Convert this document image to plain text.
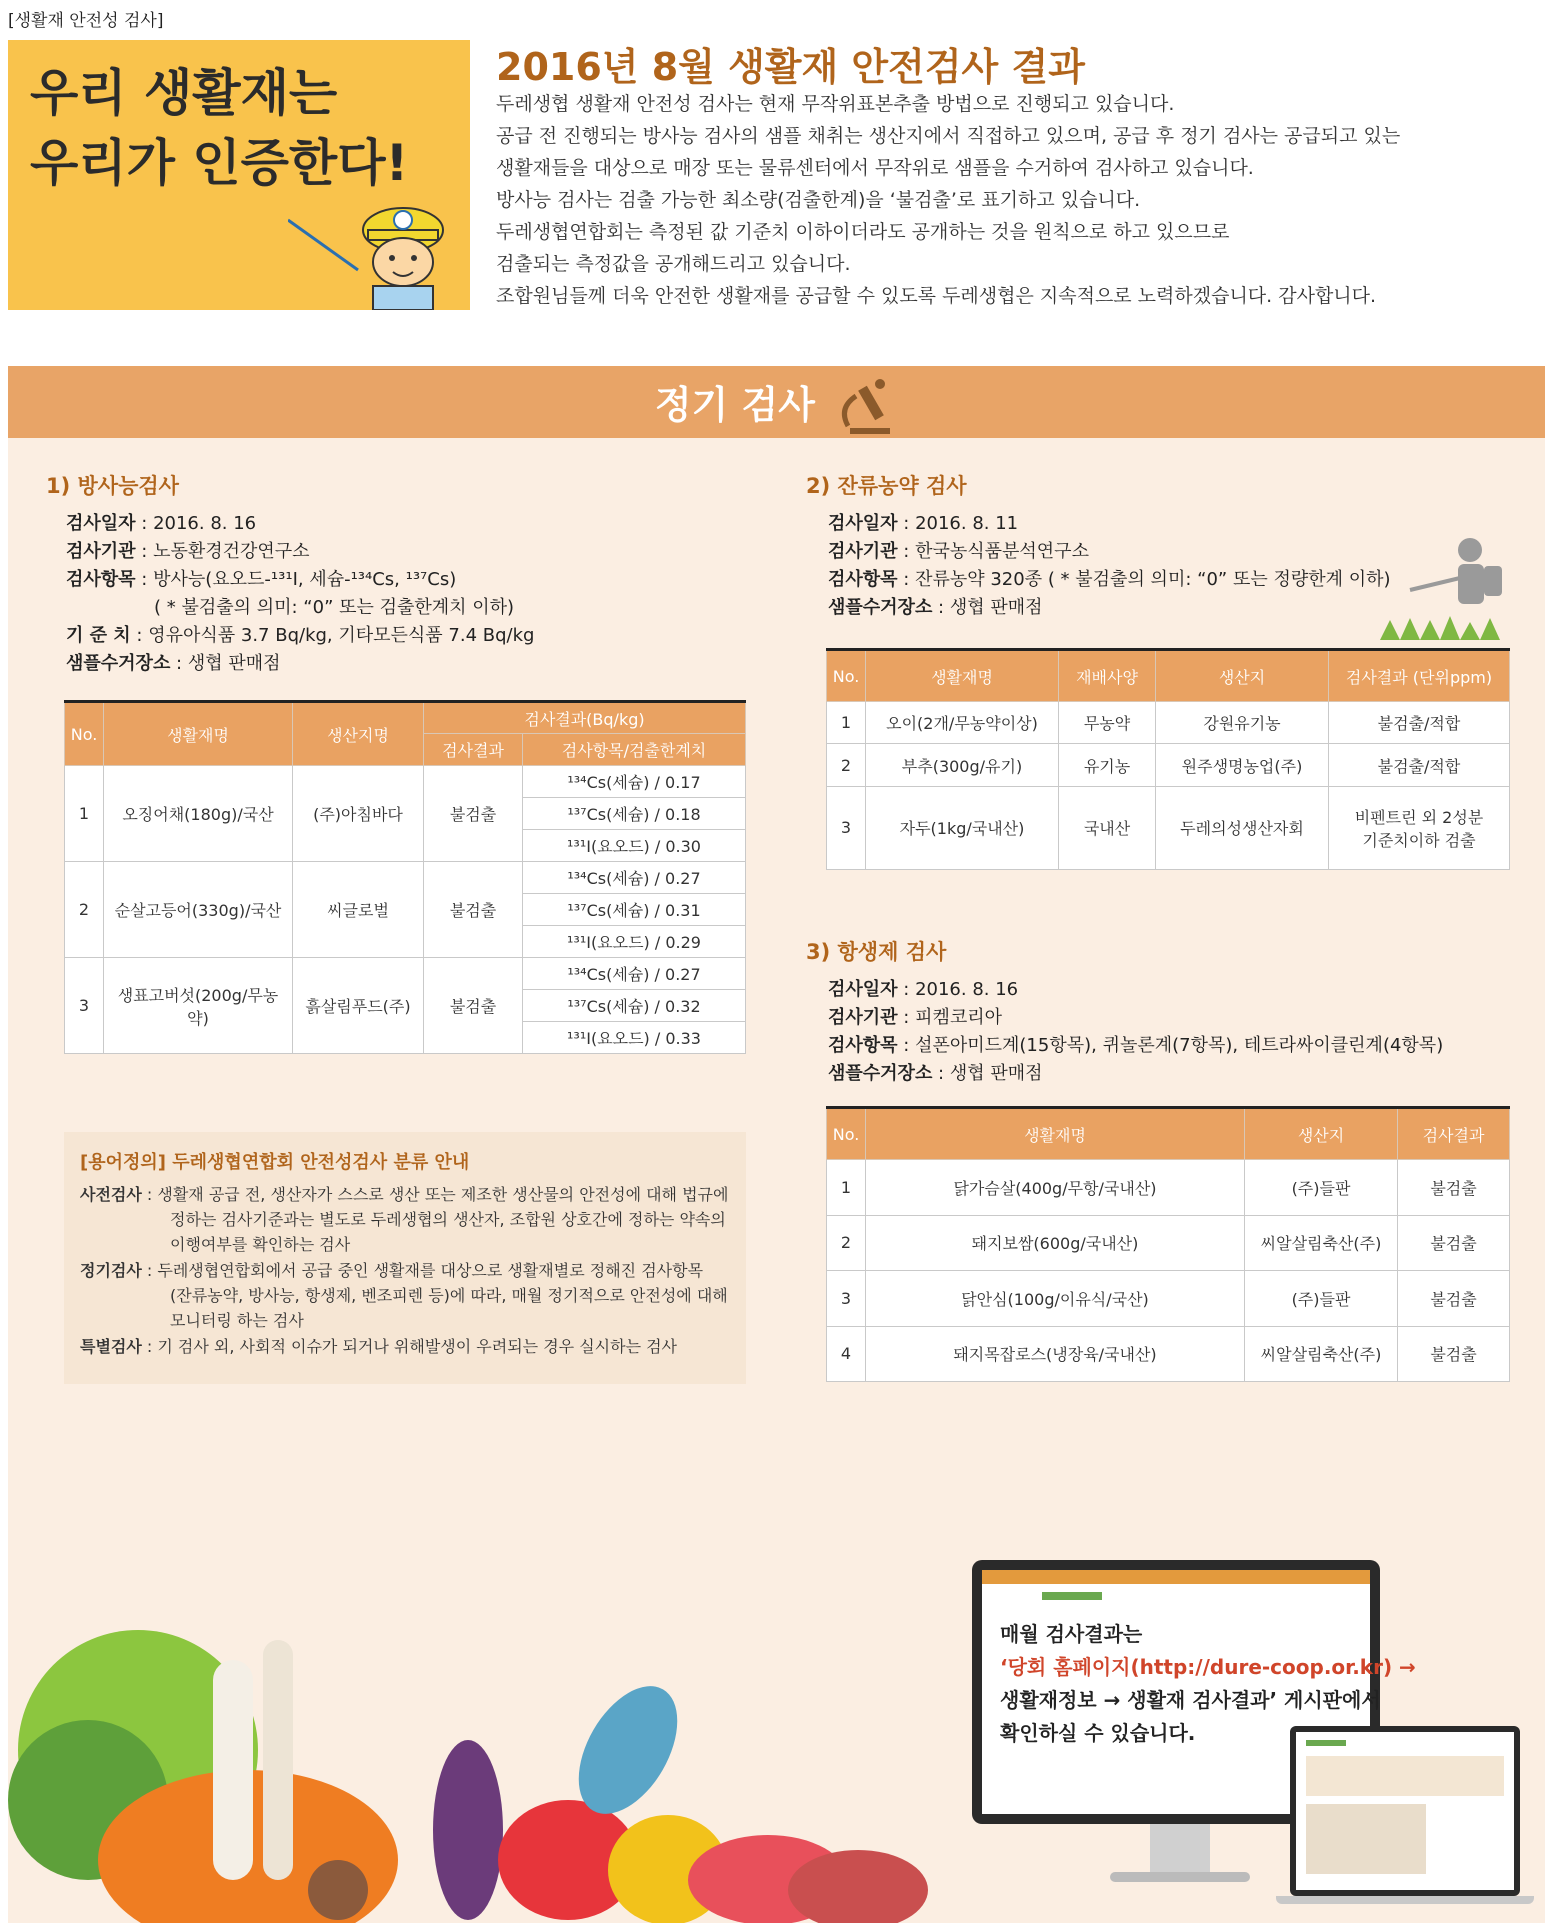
[생활재 안전성 검사]
우리 생활재는
우리가 인증한다!
2016년 8월 생활재 안전검사 결과
두레생협 생활재 안전성 검사는 현재 무작위표본추출 방법으로 진행되고 있습니다.
공급 전 진행되는 방사능 검사의 샘플 채취는 생산지에서 직접하고 있으며, 공급 후 정기 검사는 공급되고 있는
생활재들을 대상으로 매장 또는 물류센터에서 무작위로 샘플을 수거하여 검사하고 있습니다.
방사능 검사는 검출 가능한 최소량(검출한계)을 ‘불검출’로 표기하고 있습니다.
두레생협연합회는 측정된 값 기준치 이하이더라도 공개하는 것을 원칙으로 하고 있으므로
검출되는 측정값을 공개해드리고 있습니다.
조합원님들께 더욱 안전한 생활재를 공급할 수 있도록 두레생협은 지속적으로 노력하겠습니다. 감사합니다.
정기 검사
1) 방사능검사
검사일자 : 2016. 8. 16
검사기관 : 노동환경건강연구소
검사항목 : 방사능(요오드-¹³¹I, 세슘-¹³⁴Cs, ¹³⁷Cs)
( * 불검출의 의미: “0” 또는 검출한계치 이하)
기 준 치 : 영유아식품 3.7 Bq/kg, 기타모든식품 7.4 Bq/kg
샘플수거장소 : 생협 판매점
No.	생활재명	생산지명	검사결과(Bq/kg)	
			검사결과	검사항목/검출한계치
1	오징어채(180g)/국산	(주)아침바다	불검출	¹³⁴Cs(세슘) / 0.17
				¹³⁷Cs(세슘) / 0.18
				¹³¹I(요오드) / 0.30
2	순살고등어(330g)/국산	씨글로벌	불검출	¹³⁴Cs(세슘) / 0.27
				¹³⁷Cs(세슘) / 0.31
				¹³¹I(요오드) / 0.29
3	생표고버섯(200g/무농약)	흙살림푸드(주)	불검출	¹³⁴Cs(세슘) / 0.27
				¹³⁷Cs(세슘) / 0.32
				¹³¹I(요오드) / 0.33
[용어정의] 두레생협연합회 안전성검사 분류 안내
사전검사 : 생활재 공급 전, 생산자가 스스로 생산 또는 제조한 생산물의 안전성에 대해 법규에
정하는 검사기준과는 별도로 두레생협의 생산자, 조합원 상호간에 정하는 약속의
이행여부를 확인하는 검사
정기검사 : 두레생협연합회에서 공급 중인 생활재를 대상으로 생활재별로 정해진 검사항목
(잔류농약, 방사능, 항생제, 벤조피렌 등)에 따라, 매월 정기적으로 안전성에 대해
모니터링 하는 검사
특별검사 : 기 검사 외, 사회적 이슈가 되거나 위해발생이 우려되는 경우 실시하는 검사
2) 잔류농약 검사
검사일자 : 2016. 8. 11
검사기관 : 한국농식품분석연구소
검사항목 : 잔류농약 320종 ( * 불검출의 의미: “0” 또는 정량한계 이하)
샘플수거장소 : 생협 판매점
No.	생활재명	재배사양	생산지	검사결과 (단위ppm)
1	오이(2개/무농약이상)	무농약	강원유기농	불검출/적합
2	부추(300g/유기)	유기농	원주생명농업(주)	불검출/적합
3	자두(1kg/국내산)	국내산	두레의성생산자회	비펜트린 외 2성분
기준치이하 검출
3) 항생제 검사
검사일자 : 2016. 8. 16
검사기관 : 피켐코리아
검사항목 : 설폰아미드계(15항목), 퀴놀론계(7항목), 테트라싸이클린계(4항목)
샘플수거장소 : 생협 판매점
No.	생활재명	생산지	검사결과
1	닭가슴살(400g/무항/국내산)	(주)들판	불검출
2	돼지보쌈(600g/국내산)	씨알살림축산(주)	불검출
3	닭안심(100g/이유식/국산)	(주)들판	불검출
4	돼지목잡로스(냉장육/국내산)	씨알살림축산(주)	불검출
매월 검사결과는
‘당회 홈페이지(http://dure-coop.or.kr) →
생활재정보 → 생활재 검사결과’ 게시판에서
확인하실 수 있습니다.
